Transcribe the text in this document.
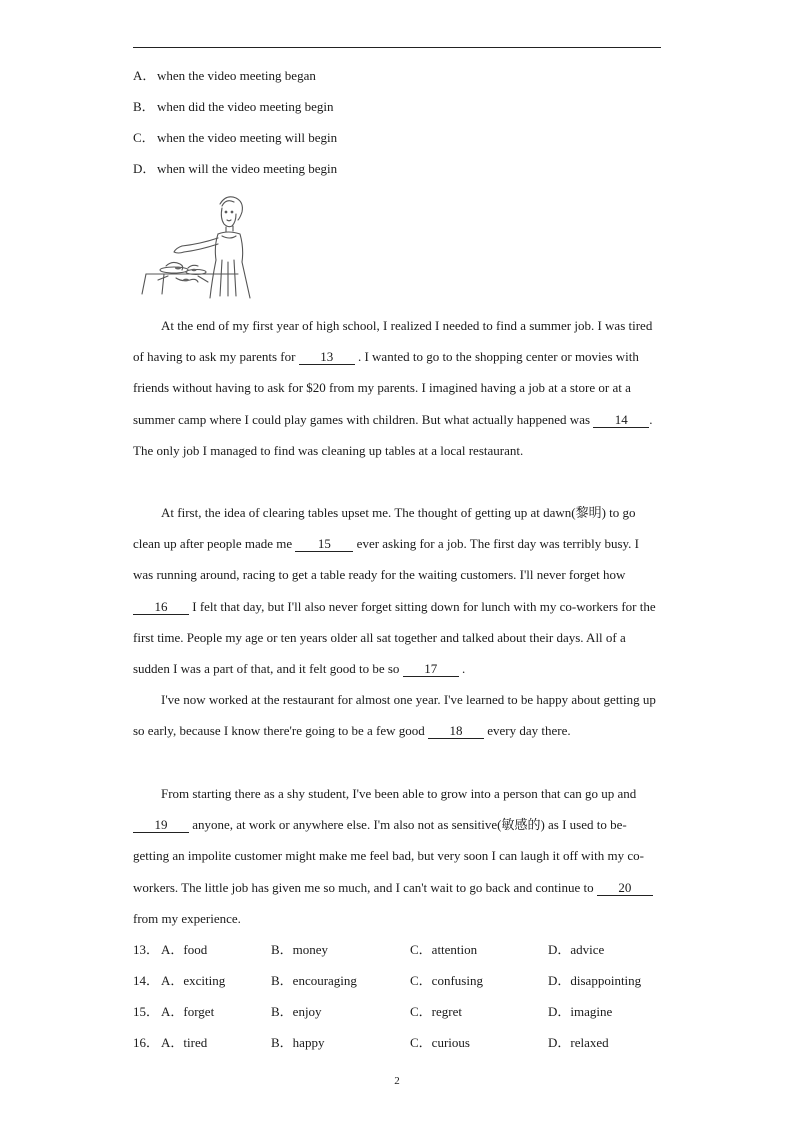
A． when the video meeting began
B． when did the video meeting begin
C． when the video meeting will begin
D． when will the video meeting begin

At the end of my first year of high school, I realized I needed to find a summer job. I was tired of having to ask my parents for 13 . I wanted to go to the shopping center or movies with friends without having to ask for $20 from my parents. I imagined having a job at a store or at a summer camp where I could play games with children. But what actually happened was 14 . The only job I managed to find was cleaning up tables at a local restaurant.

At first, the idea of clearing tables upset me. The thought of getting up at dawn(黎明) to go clean up after people made me 15 ever asking for a job. The first day was terribly busy. I was running around, racing to get a table ready for the waiting customers. I'll never forget how 16 I felt that day, but I'll also never forget sitting down for lunch with my co-workers for the first time. People my age or ten years older all sat together and talked about their days. All of a sudden I was a part of that, and it felt good to be so 17 .

I've now worked at the restaurant for almost one year. I've learned to be happy about getting up so early, because I know there're going to be a few good 18 every day there.

From starting there as a shy student, I've been able to grow into a person that can go up and 19 anyone, at work or anywhere else. I'm also not as sensitive(敏感的) as I used to be-getting an impolite customer might make me feel bad, but very soon I can laugh it off with my co-workers. The little job has given me so much, and I can't wait to go back and continue to 20 from my experience.

13． A．food	B．money	C．attention	D．advice
14． A．exciting	B．encouraging	C．confusing	D．disappointing
15． A．forget	B．enjoy	C．regret	D．imagine
16． A．tired	B．happy	C．curious	D．relaxed
2
